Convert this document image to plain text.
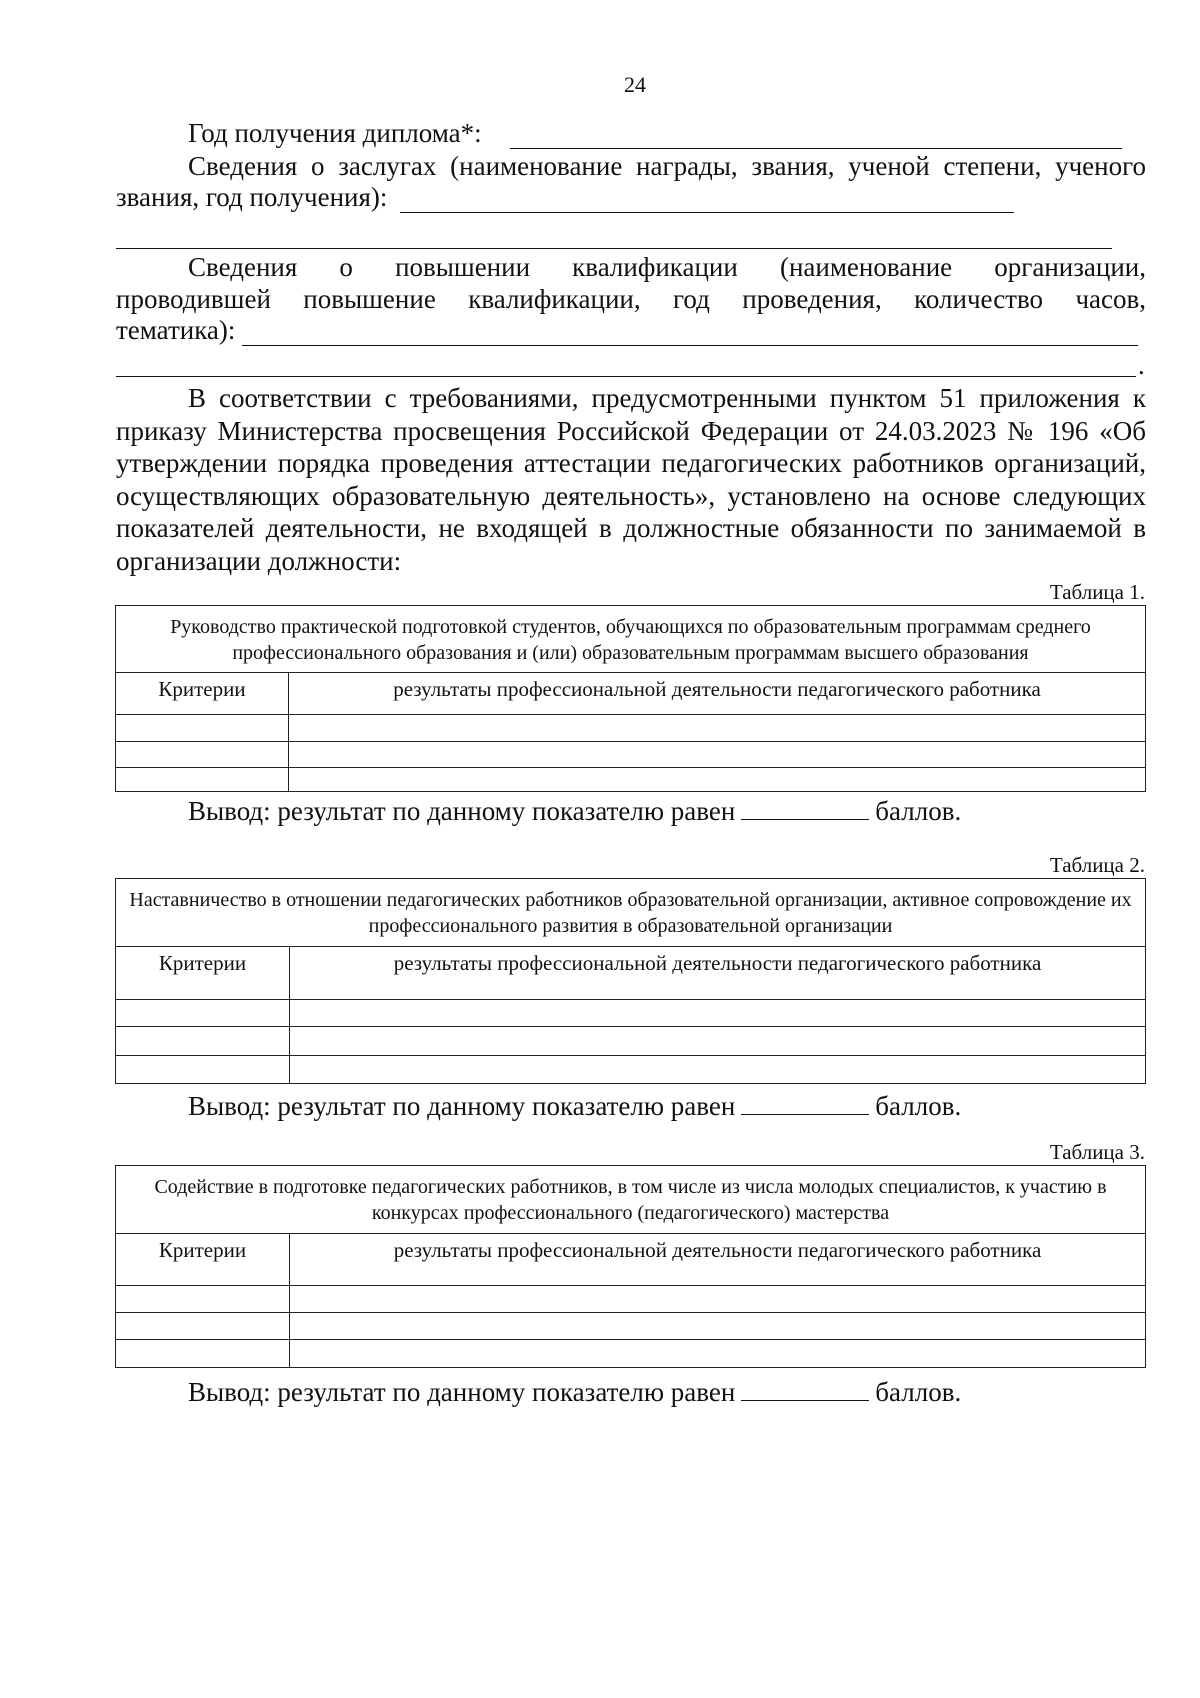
24
Год получения диплома*:
Сведения о заслугах (наименование награды, звания, ученой степени, ученого
звания, год получения):
Сведения о повышении квалификации (наименование организации,
проводившей повышение квалификации, год проведения, количество часов,
тематика):
.
В соответствии с требованиями, предусмотренными пунктом 51 приложения к приказу Министерства просвещения Российской Федерации от 24.03.2023 № 196 «Об утверждении порядка проведения аттестации педагогических работников организаций, осуществляющих образовательную деятельность», установлено на основе следующих показателей деятельности, не входящей в должностные обязанности по занимаемой в организации должности:
Таблица 1.
Руководство практической подготовкой студентов, обучающихся по образовательным программам среднего профессионального образования и (или) образовательным программам высшего образования	
Критерии	результаты профессиональной деятельности педагогического работника

Вывод: результат по данному показателю равен	баллов.
Таблица 2.
Наставничество в отношении педагогических работников образовательной организации, активное сопровождение их профессионального развития в образовательной организации	
Критерии	результаты профессиональной деятельности педагогического работника

Вывод: результат по данному показателю равен	баллов.
Таблица 3.
Содействие в подготовке педагогических работников, в том числе из числа молодых специалистов, к участию в конкурсах профессионального (педагогического) мастерства	
Критерии	результаты профессиональной деятельности педагогического работника

Вывод: результат по данному показателю равен	баллов.
